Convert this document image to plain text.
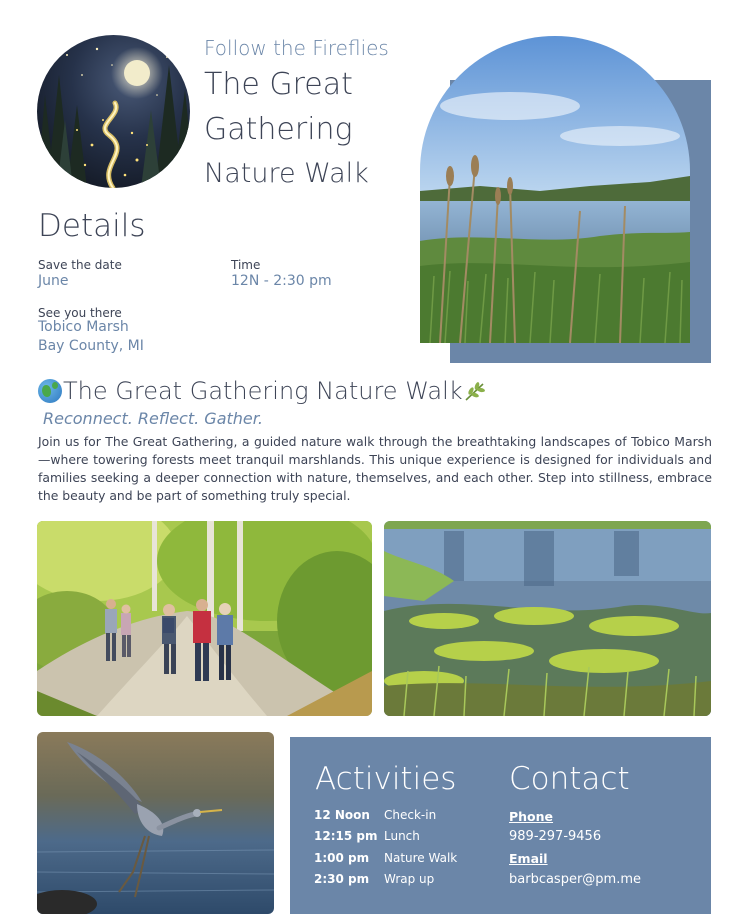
Follow the Fireflies
The Great
Gathering
Nature Walk
Details
Save the date
June
Time
12N - 2:30 pm
See you there
Tobico Marsh
Bay County, MI
The Great Gathering Nature Walk
Reconnect. Reflect. Gather.
Join us for The Great Gathering, a guided nature walk through the breathtaking landscapes of Tobico Marsh—where towering forests meet tranquil marshlands. This unique experience is designed for individuals and families seeking a deeper connection with nature, themselves, and each other. Step into stillness, embrace the beauty and be part of something truly special.
Activities
12 Noon Check-in
12:15 pm Lunch
1:00 pm Nature Walk
2:30 pm Wrap up
Contact
Phone
989-297-9456
Email
barbcasper@pm.me
